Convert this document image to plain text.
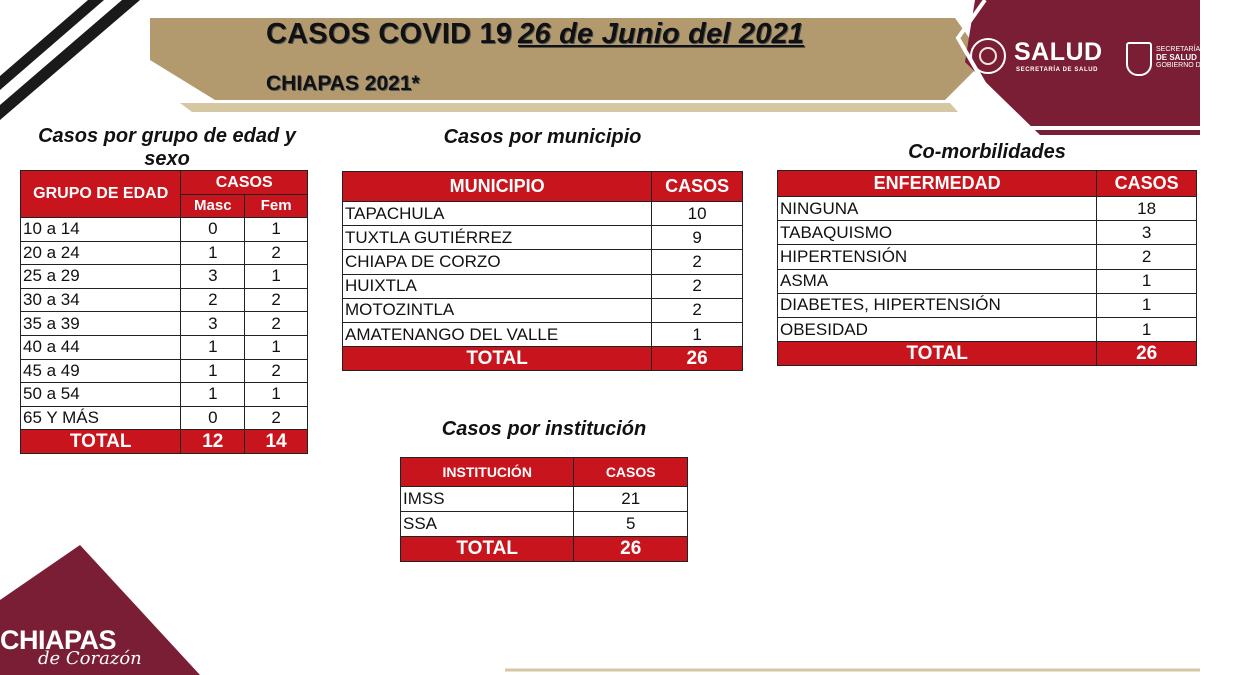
CASOS COVID 19 26 de Junio del 2021
CHIAPAS 2021*
SALUD
SECRETARÍA DE SALUD
SECRETARÍA
DE SALUD
GOBIERNO DE CHIAPAS
Casos por grupo de edad y sexo
Casos por municipio
Co-morbilidades
Casos por institución
GRUPO DE EDAD	CASOS	
	Masc	Fem
10 a 14	0	1
20 a 24	1	2
25 a 29	3	1
30 a 34	2	2
35 a 39	3	2
40 a 44	1	1
45 a 49	1	2
50 a 54	1	1
65 Y MÁS	0	2
TOTAL	12	14
MUNICIPIO	CASOS
TAPACHULA	10
TUXTLA GUTIÉRREZ	9
CHIAPA DE CORZO	2
HUIXTLA	2
MOTOZINTLA	2
AMATENANGO DEL VALLE	1
TOTAL	26
ENFERMEDAD	CASOS
NINGUNA	18
TABAQUISMO	3
HIPERTENSIÓN	2
ASMA	1
DIABETES, HIPERTENSIÓN	1
OBESIDAD	1
TOTAL	26
INSTITUCIÓN	CASOS
IMSS	21
SSA	5
TOTAL	26
CHIAPAS
de Corazón
